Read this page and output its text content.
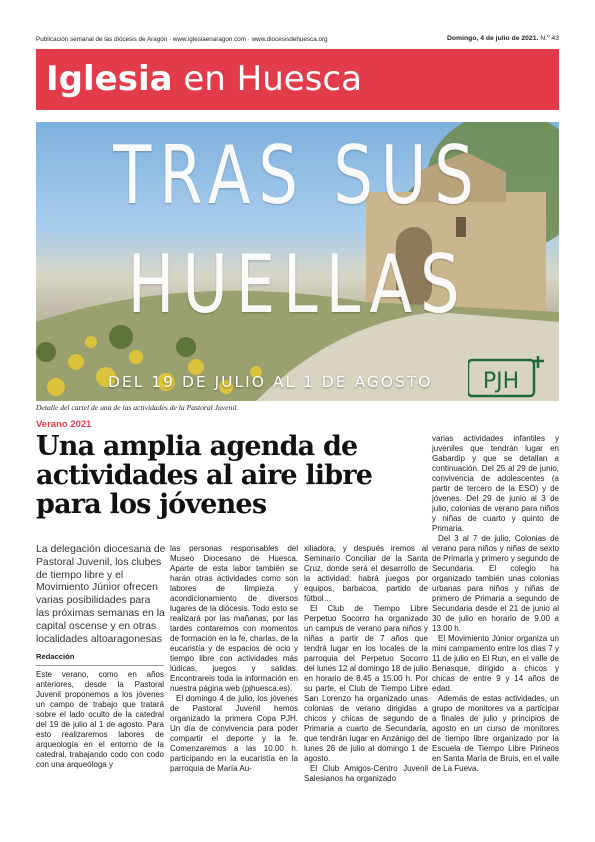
Publicación semanal de las diócesis de Aragón · www.iglesiaenaragon.com · www.diocesisdehuesca.org	Domingo, 4 de julio de 2021. N.º 43
Iglesia en Huesca
TRAS SUS
HUELLAS
DEL 19 DE JULIO AL 1 DE AGOSTO PJH
Detalle del cartel de una de las actividades de la Pastoral Juvenil.
Verano 2021
Una amplia agenda de actividades al aire libre para los jóvenes

La delegación diocesana de Pastoral Juvenil, los clubes de tiempo libre y el Movimiento Júnior ofrecen varias posibilidades para las próximas semanas en la capital oscense y en otras localidades altoaragonesas

Redacción

Este verano, como en años anteriores, desde la Pastoral Juvenil proponemos a los jóvenes un campo de trabajo que tratará sobre el lado oculto de la catedral del 19 de julio al 1 de agosto. Para esto realizaremos labores de arqueología en el entorno de la catedral, trabajando codo con codo con una arqueóloga y

las personas responsables del Museo Diocesano de Huesca. Aparte de esta labor también se harán otras actividades como son labores de limpieza y acondicionamiento de diversos lugares de la diócesis. Todo esto se realizará por las mañanas; por las tardes contaremos con momentos de formación en la fe, charlas, de la eucaristía y de espacios de ocio y tiempo libre con actividades más lúdicas, juegos y salidas. Encontrareis toda la información en nuestra página web (pjhuesca.es).

El domingo 4 de julio, los jóvenes de Pastoral Juvenil hemos organizado la primera Copa PJH. Un día de convivencia para poder compartir el deporte y la fe. Comenzaremos a las 10.00 h. participando en la eucaristía en la parroquia de María Au-

xiliadora, y después iremos al Seminario Conciliar de la Santa Cruz, donde será el desarrollo de la actividad: habrá juegos por equipos, barbacoa, partido de fútbol…

El Club de Tiempo Libre Perpetuo Socorro ha organizado un campus de verano para niños y niñas a partir de 7 años que tendrá lugar en los locales de la parroquia del Perpetuo Socorro del lunes 12 al domingo 18 de julio en horario de 8.45 a 15.00 h. Por su parte, el Club de Tiempo Libre San Lorenzo ha organizado unas colonias de verano dirigidas a chicos y chicas de segundo de Primaria a cuarto de Secundaria, que tendrán lugar en Anzánigo del lunes 26 de julio al domingo 1 de agosto.

El Club Amigos-Centro Juvenil Salesianos ha organizado

varias actividades infantiles y juveniles que tendrán lugar en Gabardip y que se detallan a continuación. Del 25 al 29 de junio, convivencia de adolescentes (a partir de tercero de la ESO) y de jóvenes. Del 29 de junio al 3 de julio, colonias de verano para niños y niñas de cuarto y quinto de Primaria.

Del 3 al 7 de julio, Colonias de verano para niños y niñas de sexto de Primaria y primero y segundo de Secundaria. El colegio ha organizado también unas colonias urbanas para niños y niñas de primero de Primaria a segundo de Secundaria desde el 21 de junio al 30 de julio en horario de 9.00 a 13.00 h.

El Movimiento Júnior organiza un mini campamento entre los días 7 y 11 de julio en El Run, en el valle de Benasque, dirigido a chicos y chicas de entre 9 y 14 años de edad.

Además de estas actividades, un grupo de monitores va a participar a finales de julio y principios de agosto en un curso de monitores de tiempo libre organizado por la Escuela de Tiempo Libre Pirineos en Santa María de Bruis, en el valle de La Fueva.
